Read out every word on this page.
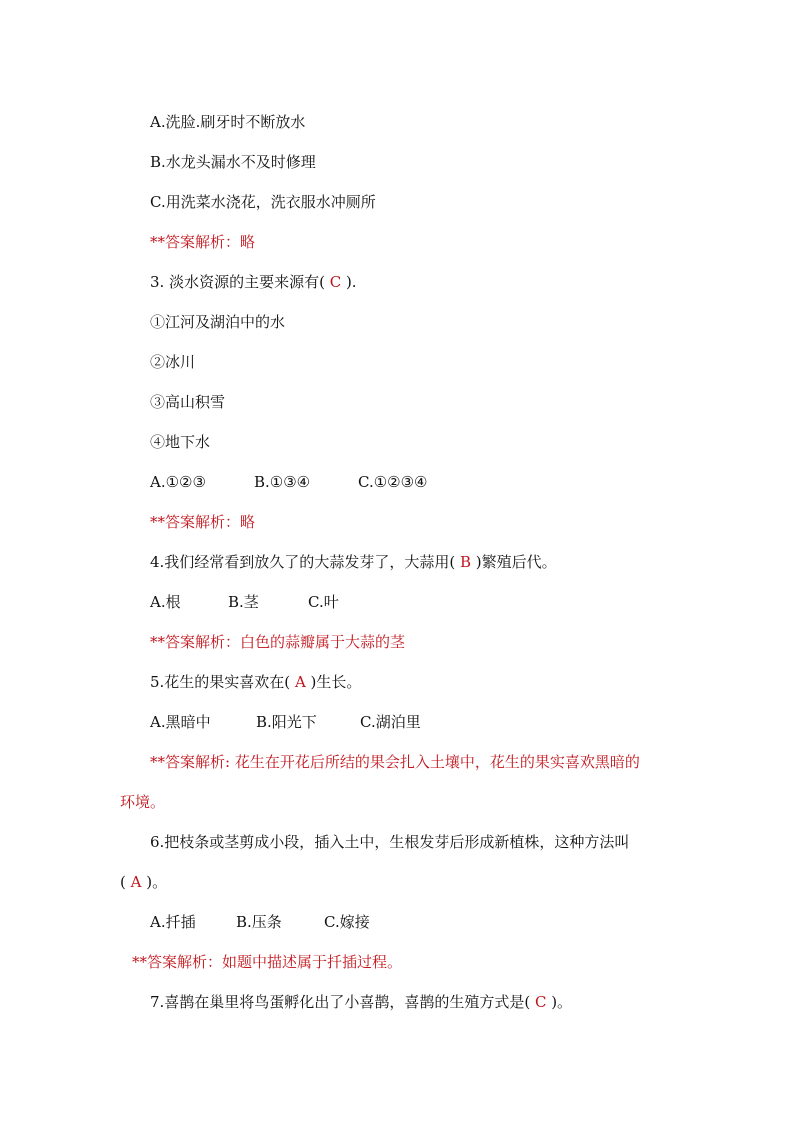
A.洗脸.刷牙时不断放水
B.水龙头漏水不及时修理
C.用洗菜水浇花，洗衣服水冲厕所
**答案解析：略
3. 淡水资源的主要来源有( C ).
①江河及湖泊中的水
②冰川
③高山积雪
④地下水
A.①②③	B.①③④	C.①②③④
**答案解析：略
4.我们经常看到放久了的大蒜发芽了，大蒜用( B )繁殖后代。
A.根	B.茎	C.叶
**答案解析：白色的蒜瓣属于大蒜的茎
5.花生的果实喜欢在( A )生长。
A.黑暗中	B.阳光下	C.湖泊里
**答案解析: 花生在开花后所结的果会扎入土壤中，花生的果实喜欢黑暗的
环境。
6.把枝条或茎剪成小段，插入土中，生根发芽后形成新植株，这种方法叫
( A )。
A.扦插	B.压条	C.嫁接
**答案解析：如题中描述属于扦插过程。
7.喜鹊在巢里将鸟蛋孵化出了小喜鹊，喜鹊的生殖方式是( C )。
